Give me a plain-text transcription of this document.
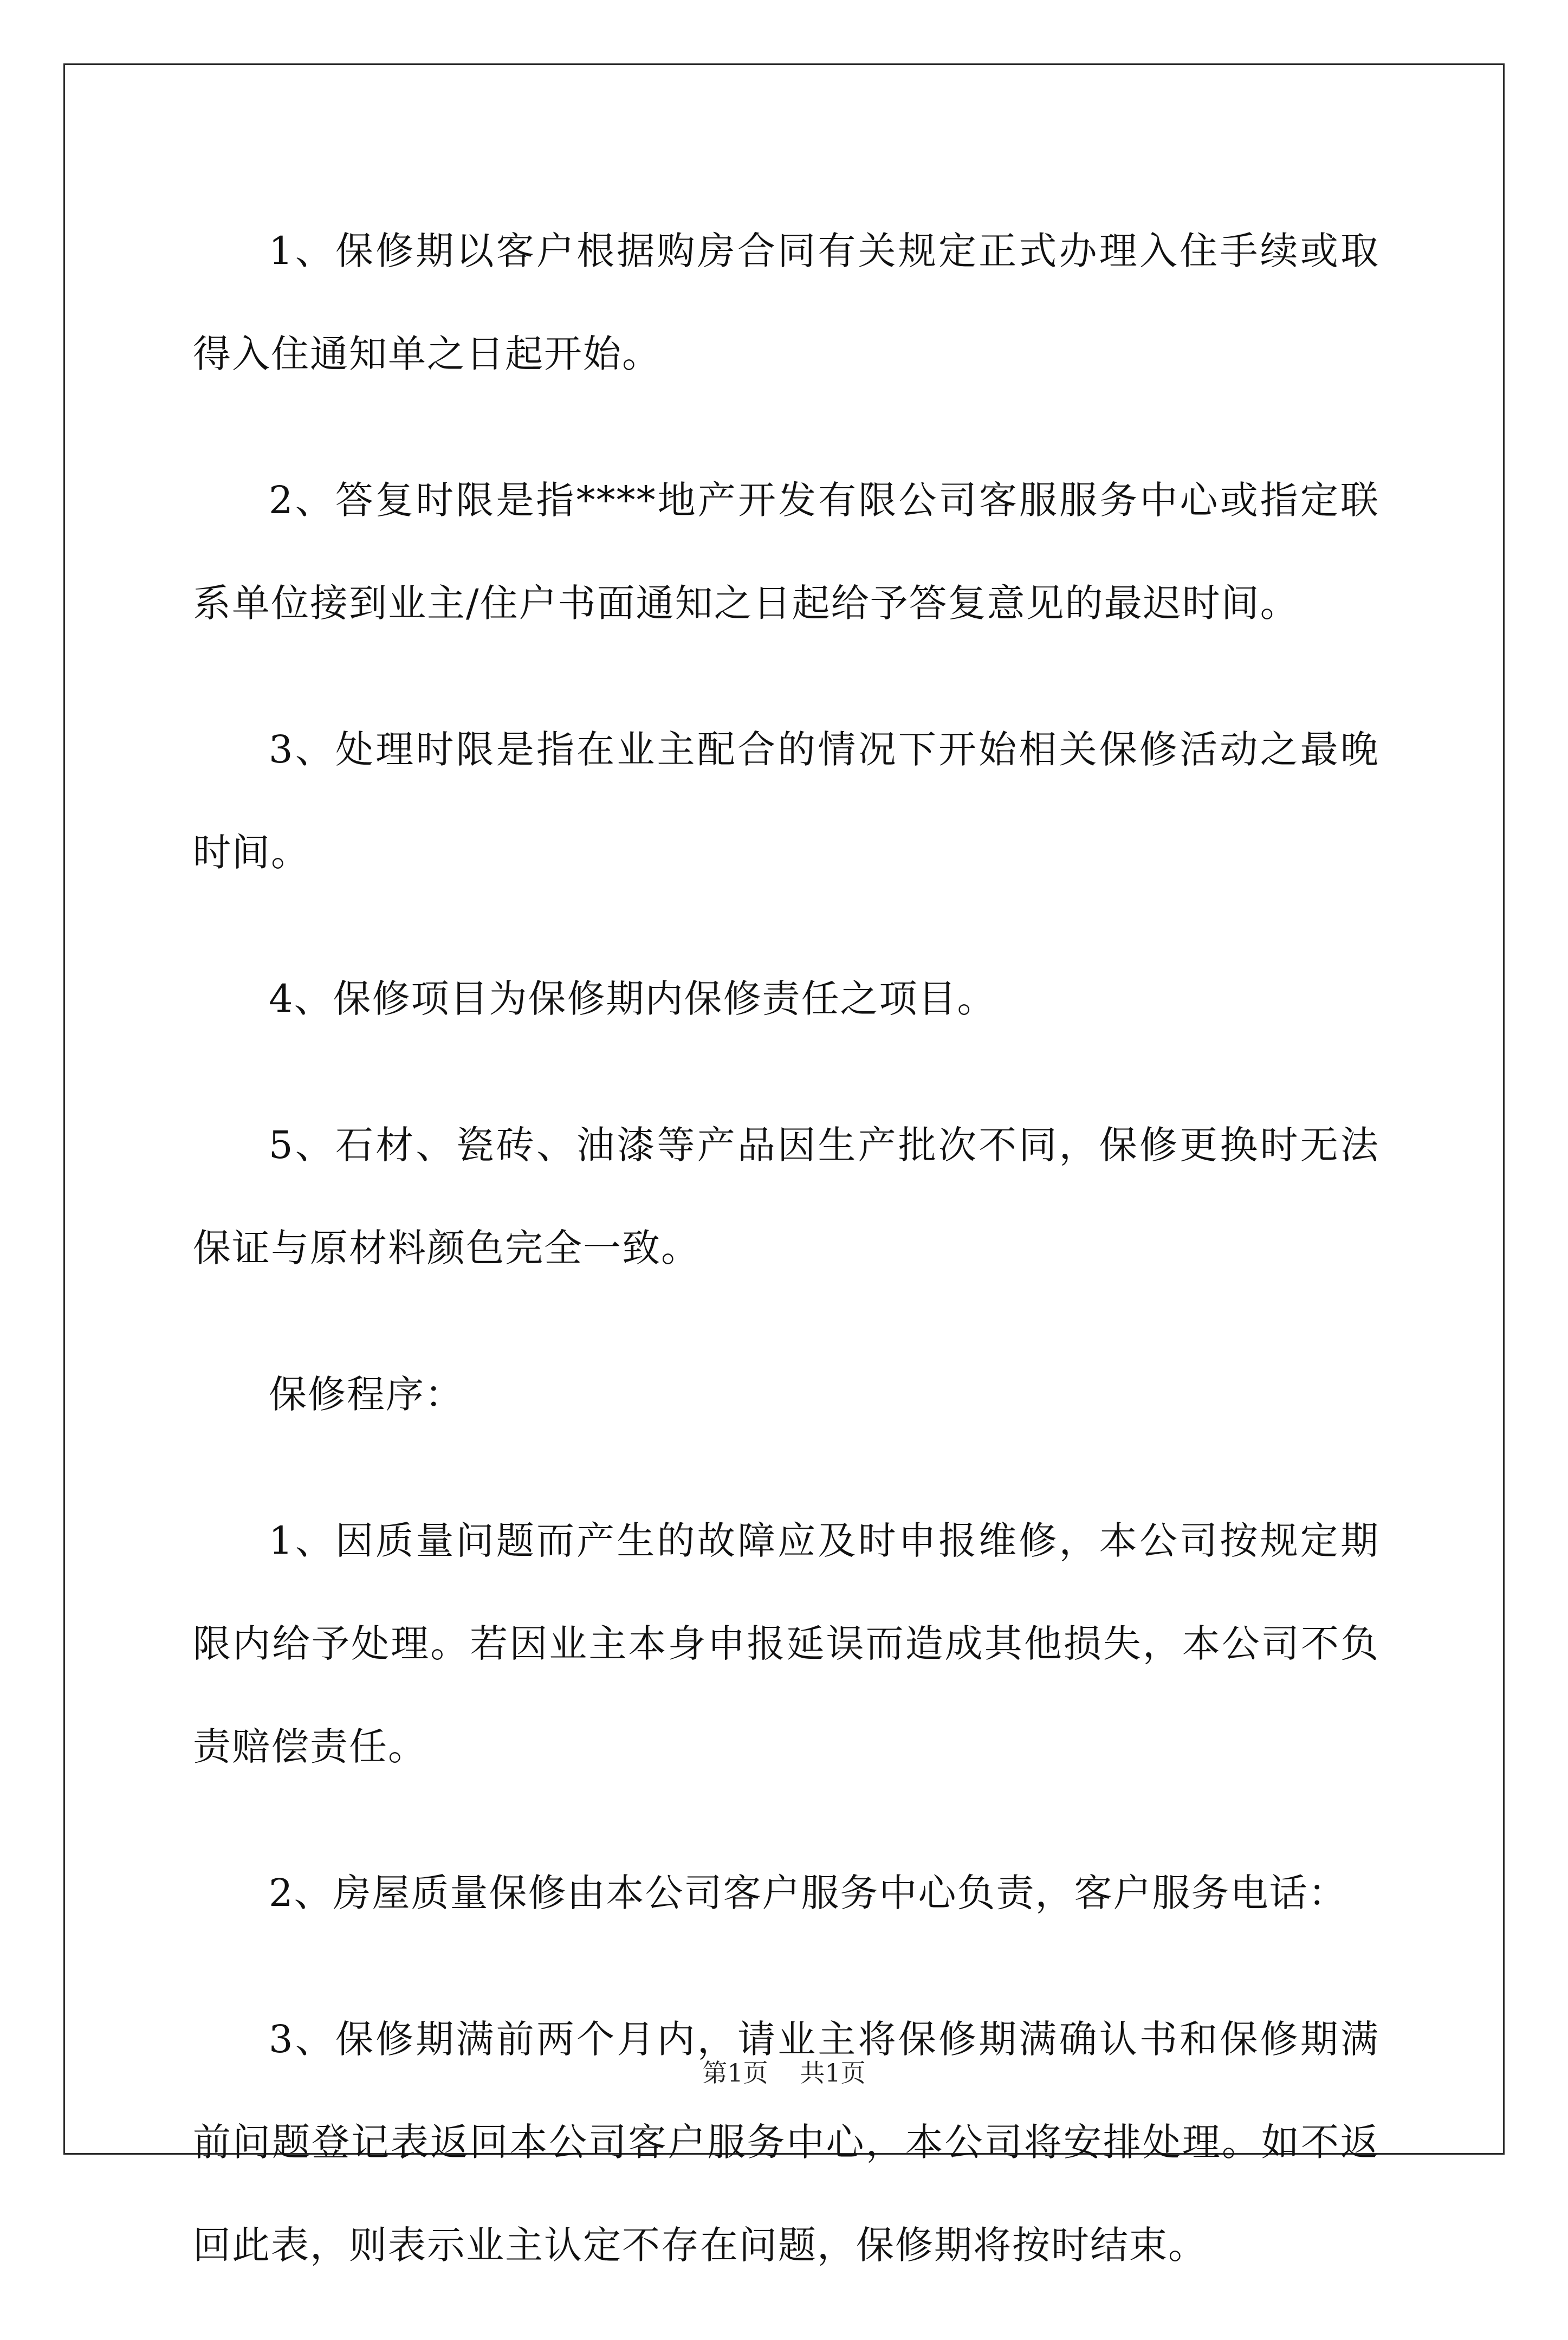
1、保修期以客户根据购房合同有关规定正式办理入住手续或取得入住通知单之日起开始。

2、答复时限是指****地产开发有限公司客服服务中心或指定联系单位接到业主/住户书面通知之日起给予答复意见的最迟时间。

3、处理时限是指在业主配合的情况下开始相关保修活动之最晚时间。

4、保修项目为保修期内保修责任之项目。

5、石材、瓷砖、油漆等产品因生产批次不同，保修更换时无法保证与原材料颜色完全一致。

保修程序：

1、因质量问题而产生的故障应及时申报维修，本公司按规定期限内给予处理。若因业主本身申报延误而造成其他损失，本公司不负责赔偿责任。

2、房屋质量保修由本公司客户服务中心负责，客户服务电话：

3、保修期满前两个月内，请业主将保修期满确认书和保修期满前问题登记表返回本公司客户服务中心，本公司将安排处理。如不返回此表，则表示业主认定不存在问题，保修期将按时结束。

第1页 共1页
